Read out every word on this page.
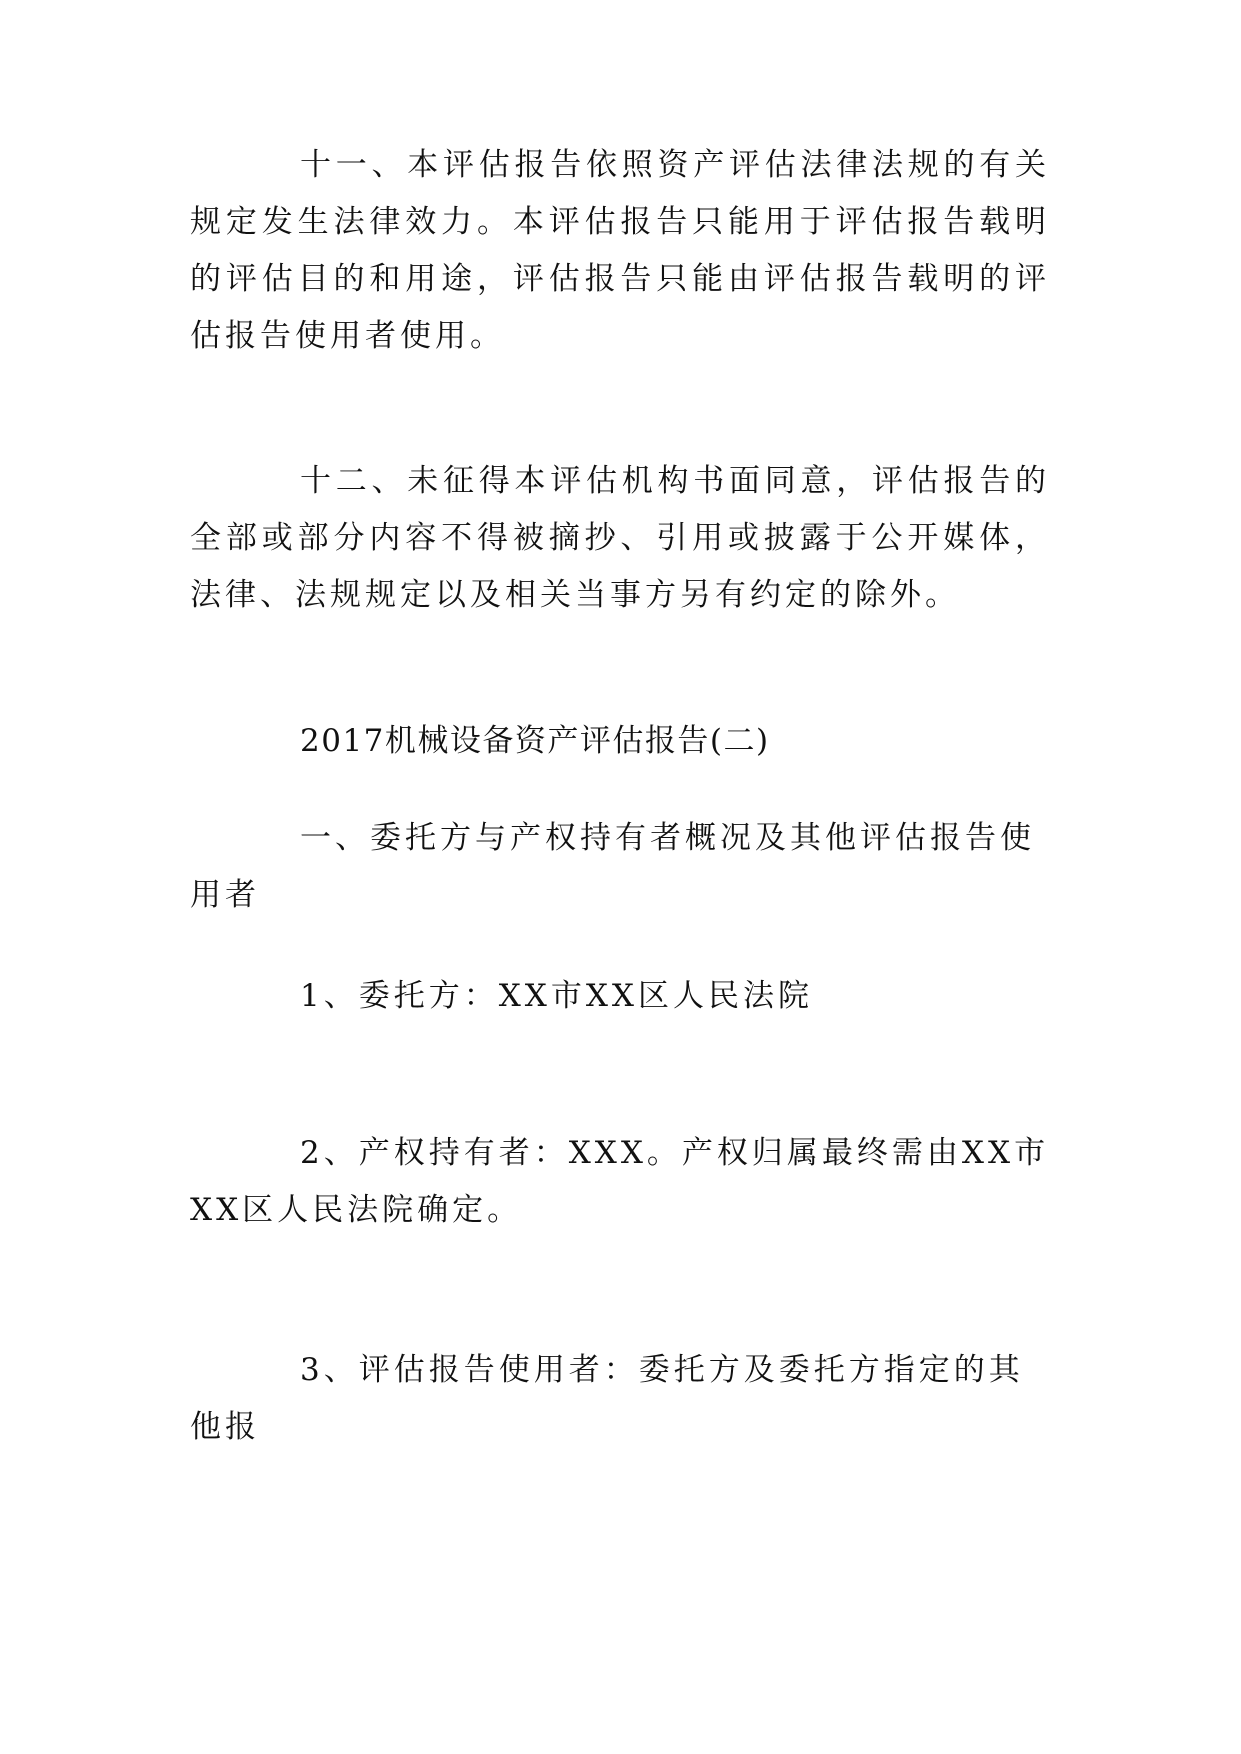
十一、本评估报告依照资产评估法律法规的有关规定发生法律效力。本评估报告只能用于评估报告载明的评估目的和用途，评估报告只能由评估报告载明的评估报告使用者使用。

十二、未征得本评估机构书面同意，评估报告的全部或部分内容不得被摘抄、引用或披露于公开媒体，法律、法规规定以及相关当事方另有约定的除外。

2017机械设备资产评估报告(二)

一、委托方与产权持有者概况及其他评估报告使用者

1、委托方：XX市XX区人民法院

2、产权持有者：XXX。产权归属最终需由XX市XX区人民法院确定。

3、评估报告使用者：委托方及委托方指定的其他报
